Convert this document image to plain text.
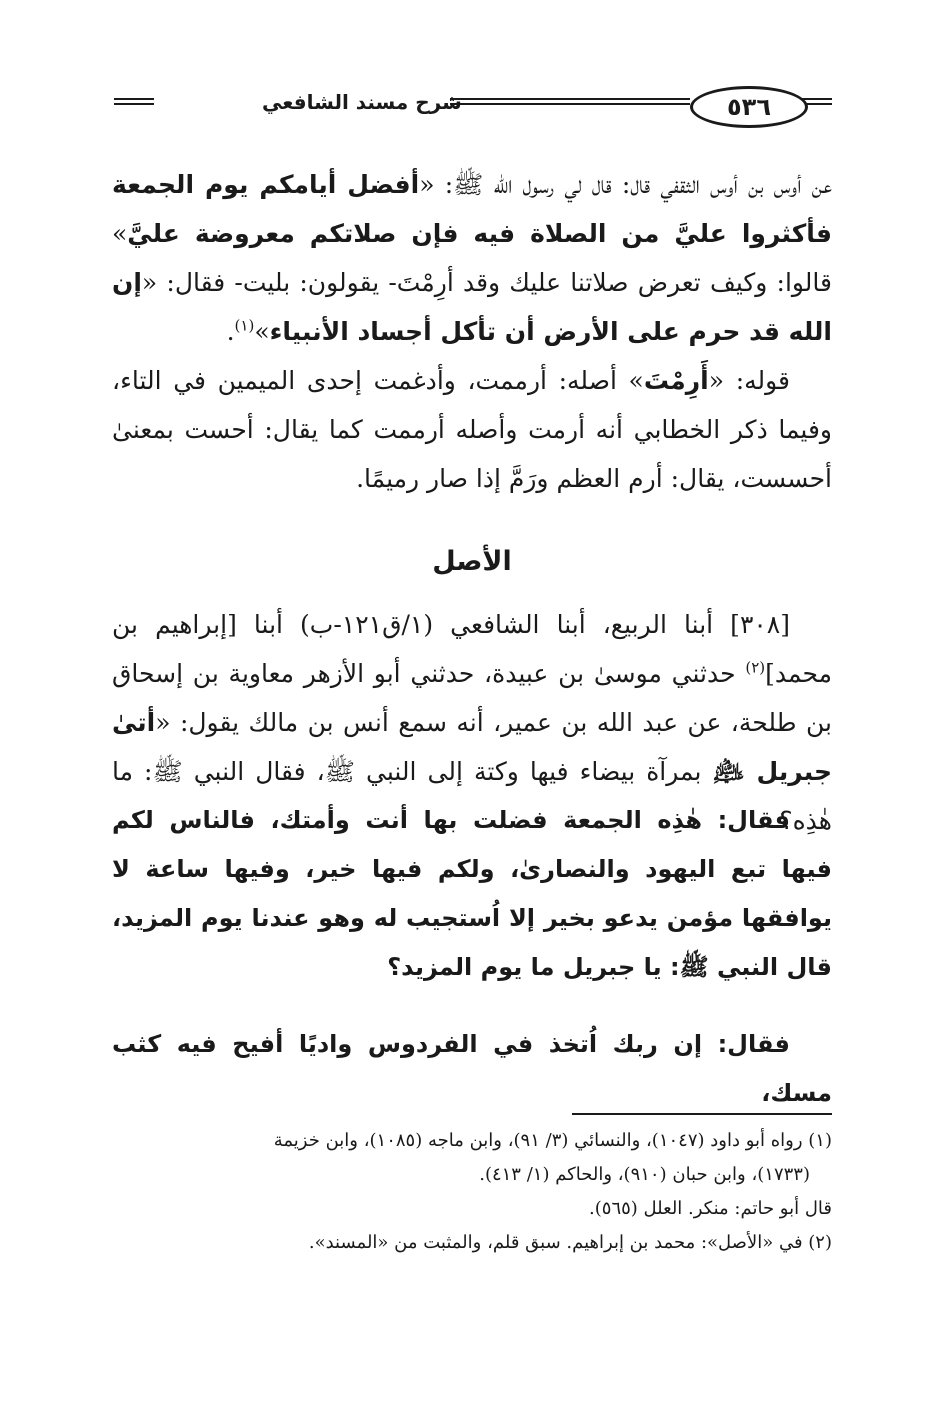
٥٣٦
شرح مسند الشافعي
عن أوس بن أوس الثقفي قال: قال لي رسول الله ﷺ: «أفضل أيامكم يوم الجمعة فأكثروا عليَّ من الصلاة فيه فإن صلاتكم معروضة عليَّ» قالوا: وكيف تعرض صلاتنا عليك وقد أرِمْتَ- يقولون: بليت- فقال: «إن الله قد حرم على الأرض أن تأكل أجساد الأنبياء»$^{(١)}$.
قوله: «أَرِمْتَ» أصله: أرممت، وأدغمت إحدى الميمين في التاء، وفيما ذكر الخطابي أنه أرمت وأصله أرممت كما يقال: أحست بمعنىٰ أحسست، يقال: أرم العظم ورَمَّ إذا صار رميمًا.
الأصل
[٣٠٨] أبنا الربيع، أبنا الشافعي (١/ق١٢١-ب) أبنا [إبراهيم بن محمد]$^{(٢)}$ حدثني موسىٰ بن عبيدة، حدثني أبو الأزهر معاوية بن إسحاق بن طلحة، عن عبد الله بن عمير، أنه سمع أنس بن مالك يقول: «أتىٰ جبريل ﵇ بمرآة بيضاء فيها وكتة إلى النبي ﷺ، فقال النبي ﷺ: ما هٰذِه؟
فقال: هٰذِه الجمعة فضلت بها أنت وأمتك، فالناس لكم فيها تبع اليهود والنصارىٰ، ولكم فيها خير، وفيها ساعة لا يوافقها مؤمن يدعو بخير إلا اُستجيب له وهو عندنا يوم المزيد، قال النبي ﷺ: يا جبريل ما يوم المزيد؟
فقال: إن ربك اُتخذ في الفردوس واديًا أفيح فيه كثب مسك،
(١) رواه أبو داود (١٠٤٧)، والنسائي (٣/ ٩١)، وابن ماجه (١٠٨٥)، وابن خزيمة
(١٧٣٣)، وابن حبان (٩١٠)، والحاكم (١/ ٤١٣).
قال أبو حاتم: منكر. العلل (٥٦٥).
(٢) في «الأصل»: محمد بن إبراهيم. سبق قلم، والمثبت من «المسند».
